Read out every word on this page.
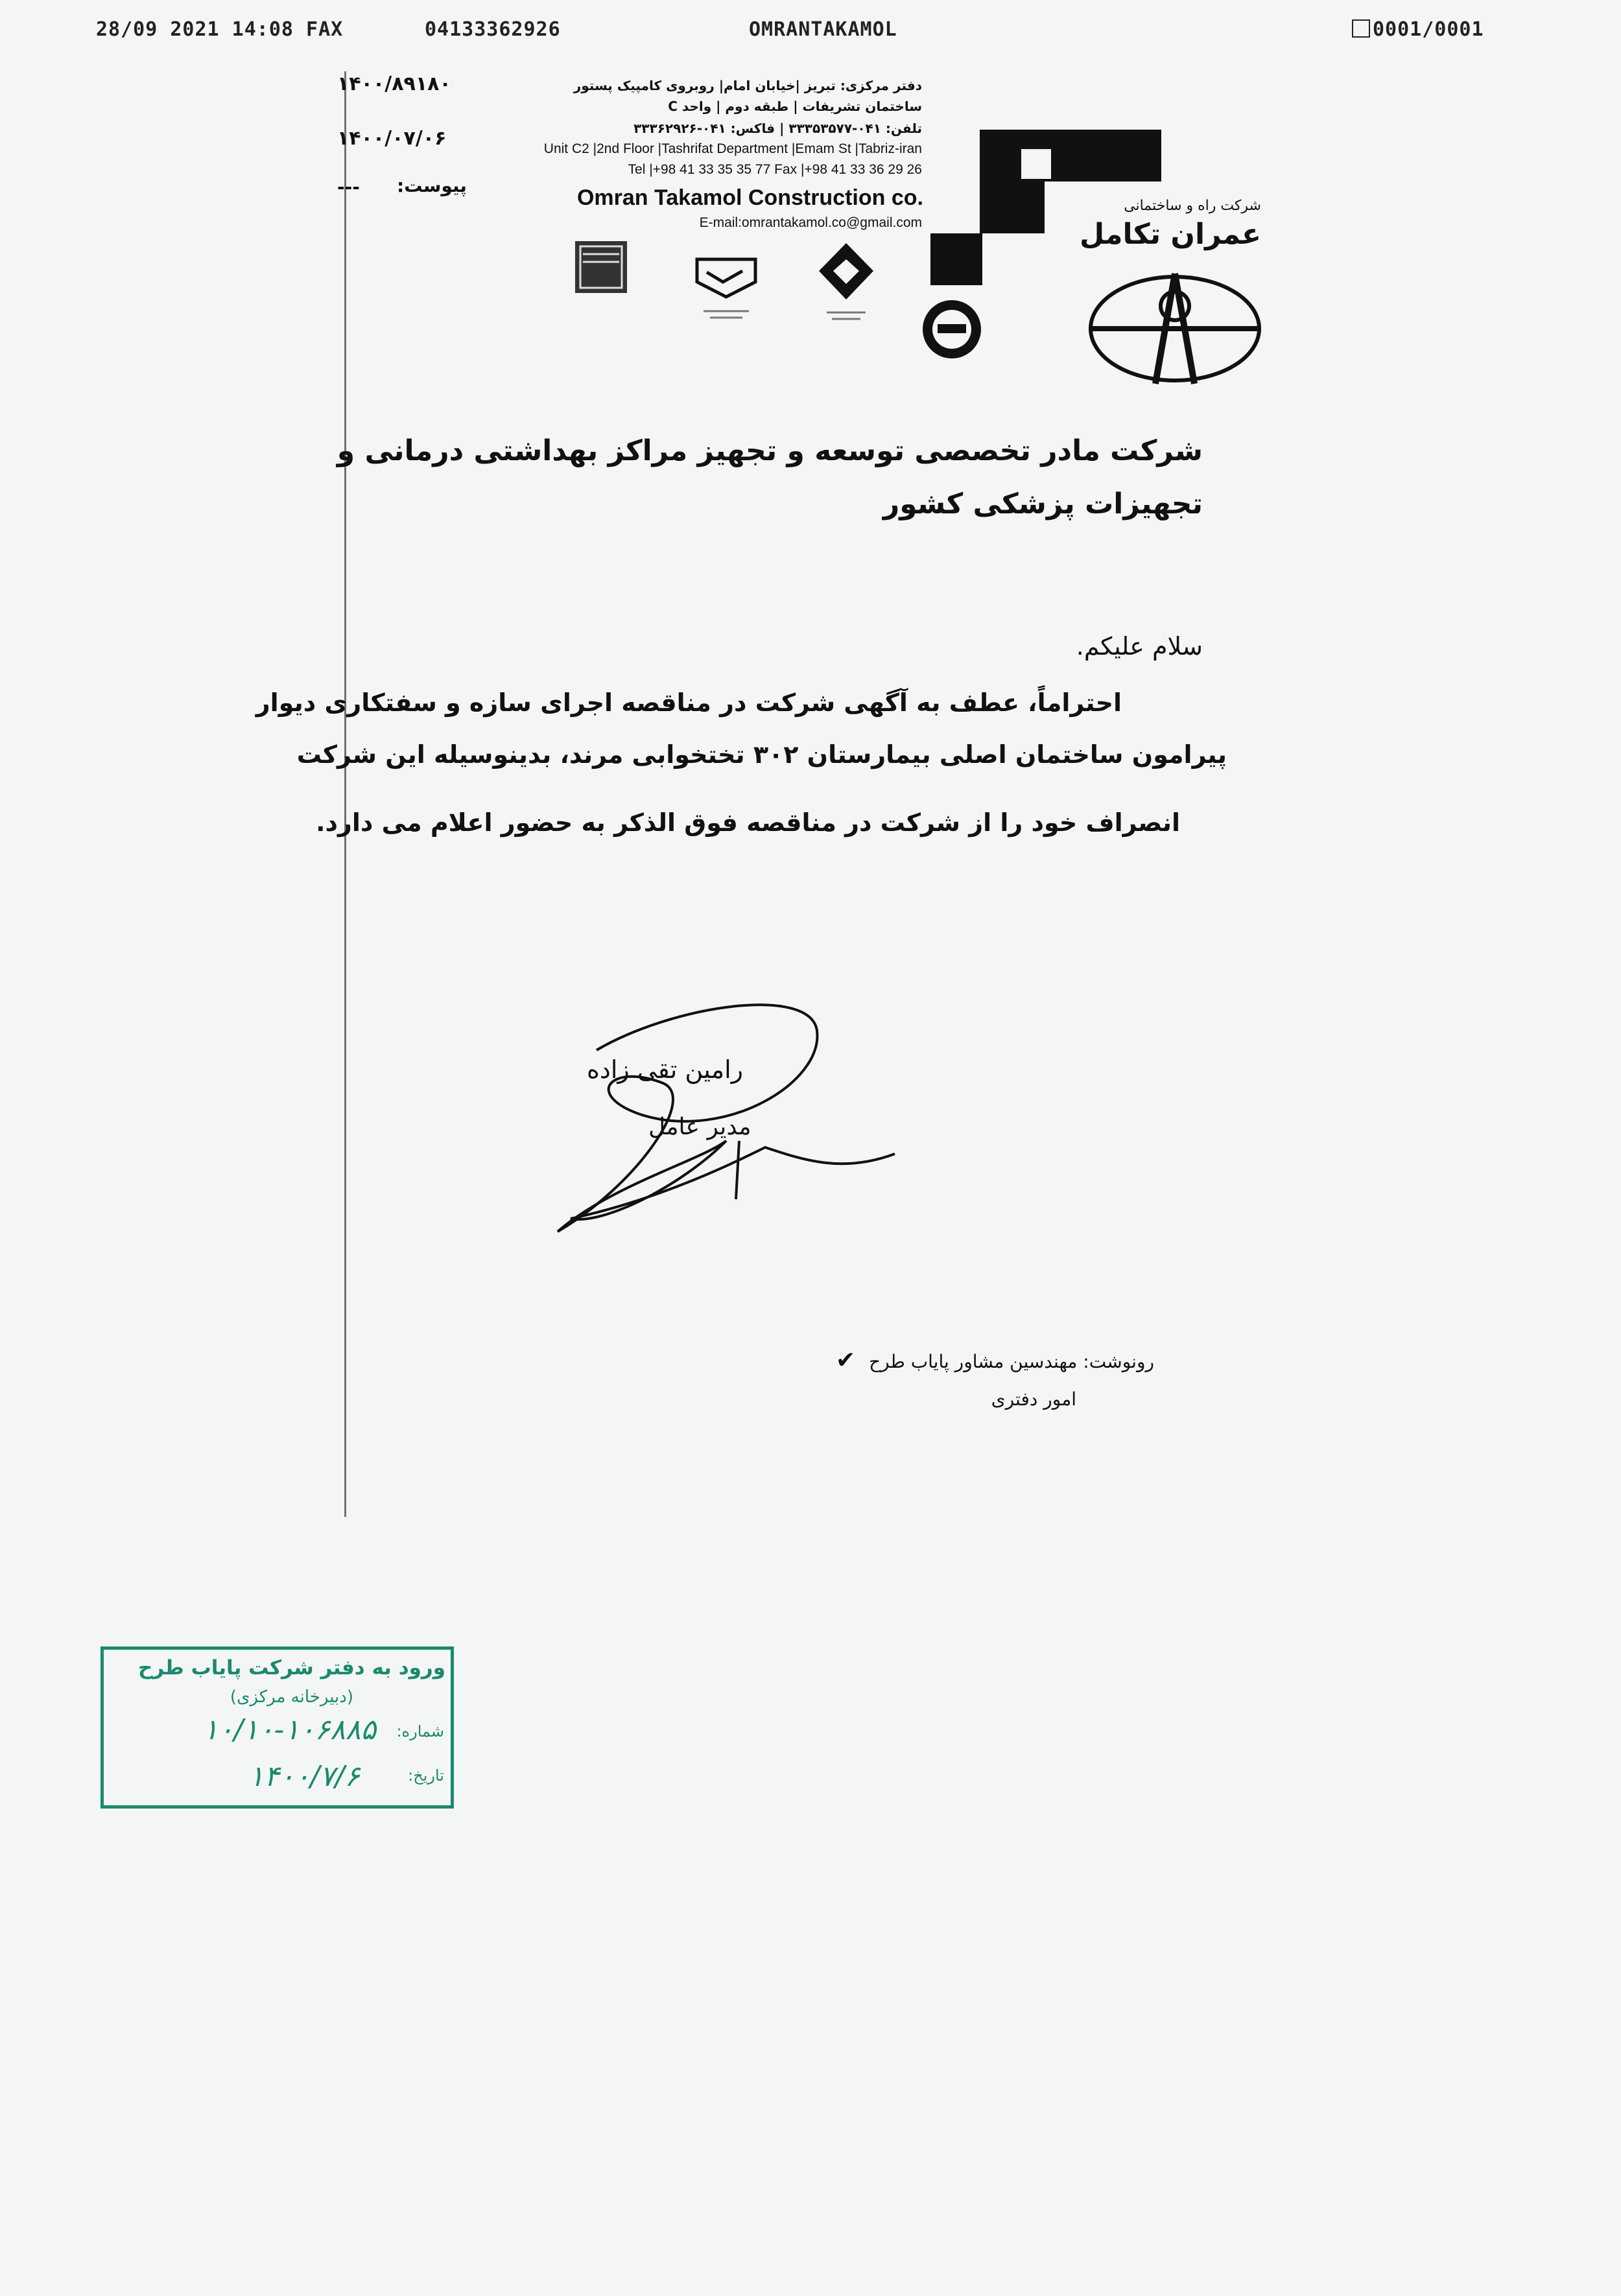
28/09 2021 14:08 FAX	04133362926	OMRANTAKAMOL	0001/0001
۱۴۰۰/۸۹۱۸۰
۱۴۰۰/۰۷/۰۶
--- پیوست:
دفتر مرکزی: تبریز |خیابان امام| روبروی کامپیک پستور
ساختمان تشریفات | طبقه دوم | واحد C
تلفن: ۰۴۱-۳۳۳۵۳۵۷۷ | فاکس: ۰۴۱-۳۳۳۶۲۹۲۶
Unit C2 |2nd Floor |Tashrifat Department |Emam St |Tabriz-iran
Tel |+98 41 33 35 35 77 Fax |+98 41 33 36 29 26
Omran Takamol Construction co.
E-mail:omrantakamol.co@gmail.com
شرکت راه و ساختمانی
عمران تکامل
شرکت مادر تخصصی توسعه و تجهیز مراکز بهداشتی درمانی و
تجهیزات پزشکی کشور
سلام علیکم.
احتراماً، عطف به آگهی شرکت در مناقصه اجرای سازه و سفتکاری دیوار
پیرامون ساختمان اصلی بیمارستان ۳۰۲ تختخوابی مرند، بدینوسیله این شرکت
انصراف خود را از شرکت در مناقصه فوق الذکر به حضور اعلام می دارد.
رامین تقی زاده
مدیر عامل
رونوشت: مهندسین مشاور پایاب طرح ✔
امور دفتری
ورود به دفتر شرکت پایاب طرح
(دبیرخانه مرکزی)
شماره:
۱۰/۱۰-۱۰۶۸۸۵
تاریخ:
۱۴۰۰/۷/۶
